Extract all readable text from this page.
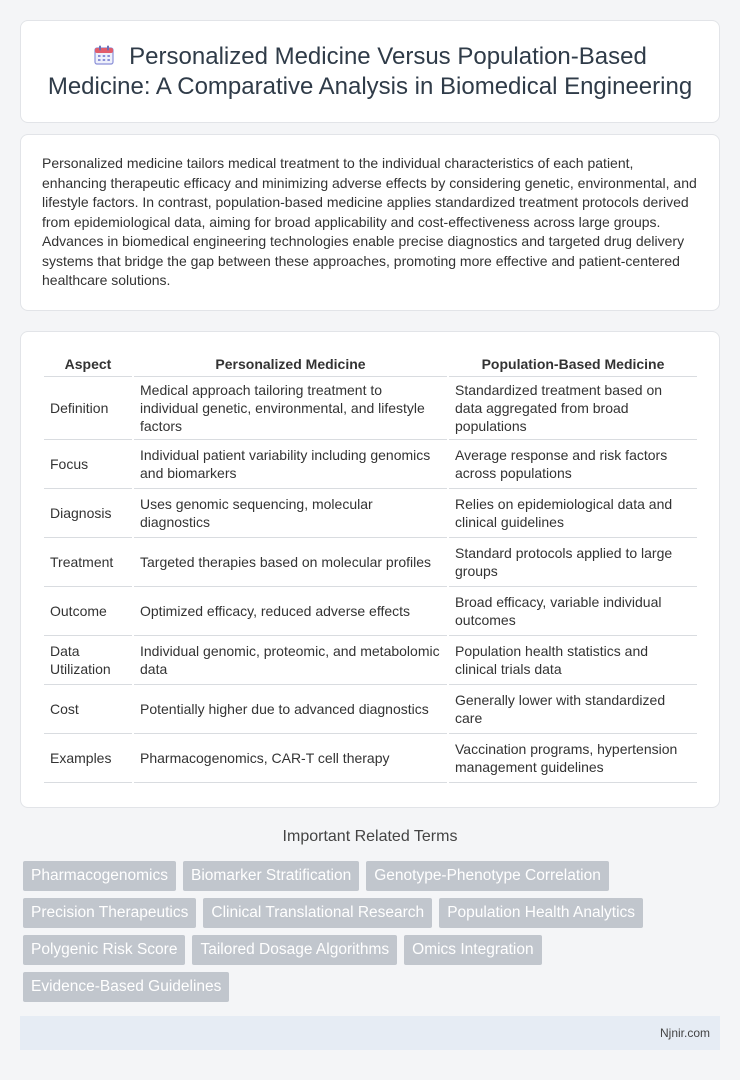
Personalized Medicine Versus Population-Based Medicine: A Comparative Analysis in Biomedical Engineering

Personalized medicine tailors medical treatment to the individual characteristics of each patient, enhancing therapeutic efficacy and minimizing adverse effects by considering genetic, environmental, and lifestyle factors. In contrast, population-based medicine applies standardized treatment protocols derived from epidemiological data, aiming for broad applicability and cost-effectiveness across large groups. Advances in biomedical engineering technologies enable precise diagnostics and targeted drug delivery systems that bridge the gap between these approaches, promoting more effective and patient-centered healthcare solutions.

Aspect	Personalized Medicine	Population-Based Medicine
Definition	Medical approach tailoring treatment to individual genetic, environmental, and lifestyle factors	Standardized treatment based on data aggregated from broad populations
Focus	Individual patient variability including genomics and biomarkers	Average response and risk factors across populations
Diagnosis	Uses genomic sequencing, molecular diagnostics	Relies on epidemiological data and clinical guidelines
Treatment	Targeted therapies based on molecular profiles	Standard protocols applied to large groups
Outcome	Optimized efficacy, reduced adverse effects	Broad efficacy, variable individual outcomes
Data Utilization	Individual genomic, proteomic, and metabolomic data	Population health statistics and clinical trials data
Cost	Potentially higher due to advanced diagnostics	Generally lower with standardized care
Examples	Pharmacogenomics, CAR-T cell therapy	Vaccination programs, hypertension management guidelines
Important Related Terms
Pharmacogenomics	Biomarker Stratification	Genotype-Phenotype Correlation
Precision Therapeutics	Clinical Translational Research	Population Health Analytics
Polygenic Risk Score	Tailored Dosage Algorithms	Omics Integration
Evidence-Based Guidelines
Njnir.com
